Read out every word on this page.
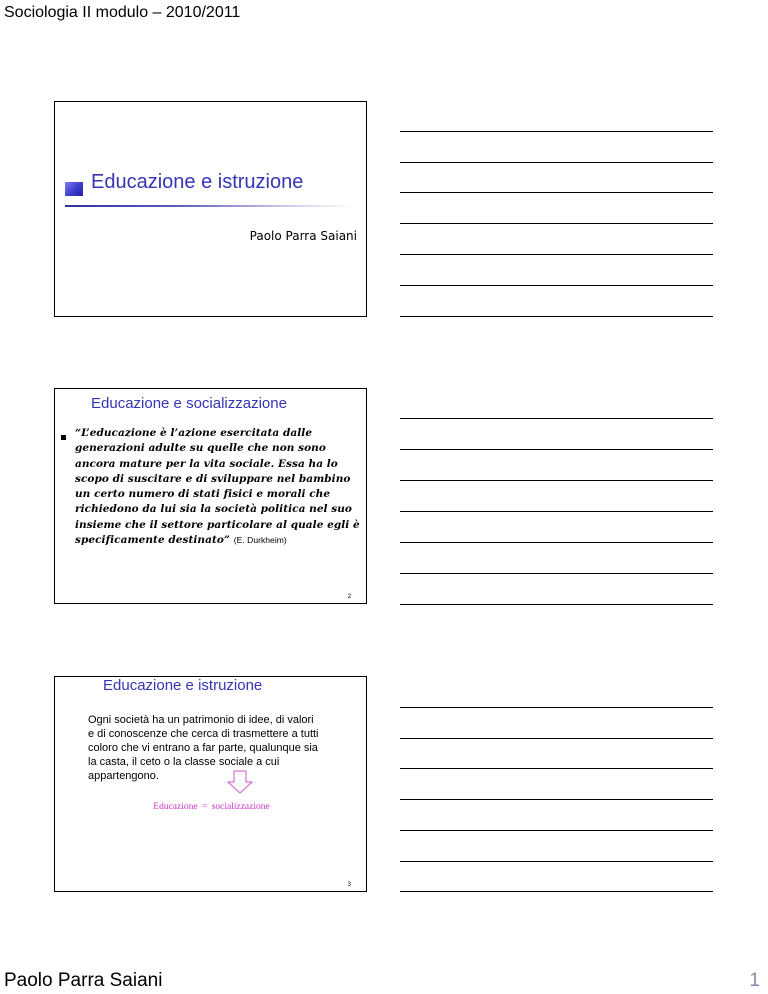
Sociologia II modulo – 2010/2011
Educazione e istruzione
Paolo Parra Saiani
Educazione e socializzazione
“L’educazione è l’azione esercitata dalle
generazioni adulte su quelle che non sono
ancora mature per la vita sociale. Essa ha lo
scopo di suscitare e di sviluppare nel bambino
un certo numero di stati fisici e morali che
richiedono da lui sia la società politica nel suo
insieme che il settore particolare al quale egli è
specificamente destinato” (E. Durkheim)
2
Educazione e istruzione
Ogni società ha un patrimonio di idee, di valori
e di conoscenze che cerca di trasmettere a tutti
coloro che vi entrano a far parte, qualunque sia
la casta, il ceto o la classe sociale a cui
appartengono.
Educazione = socializzazione
3
Paolo Parra Saiani	1
